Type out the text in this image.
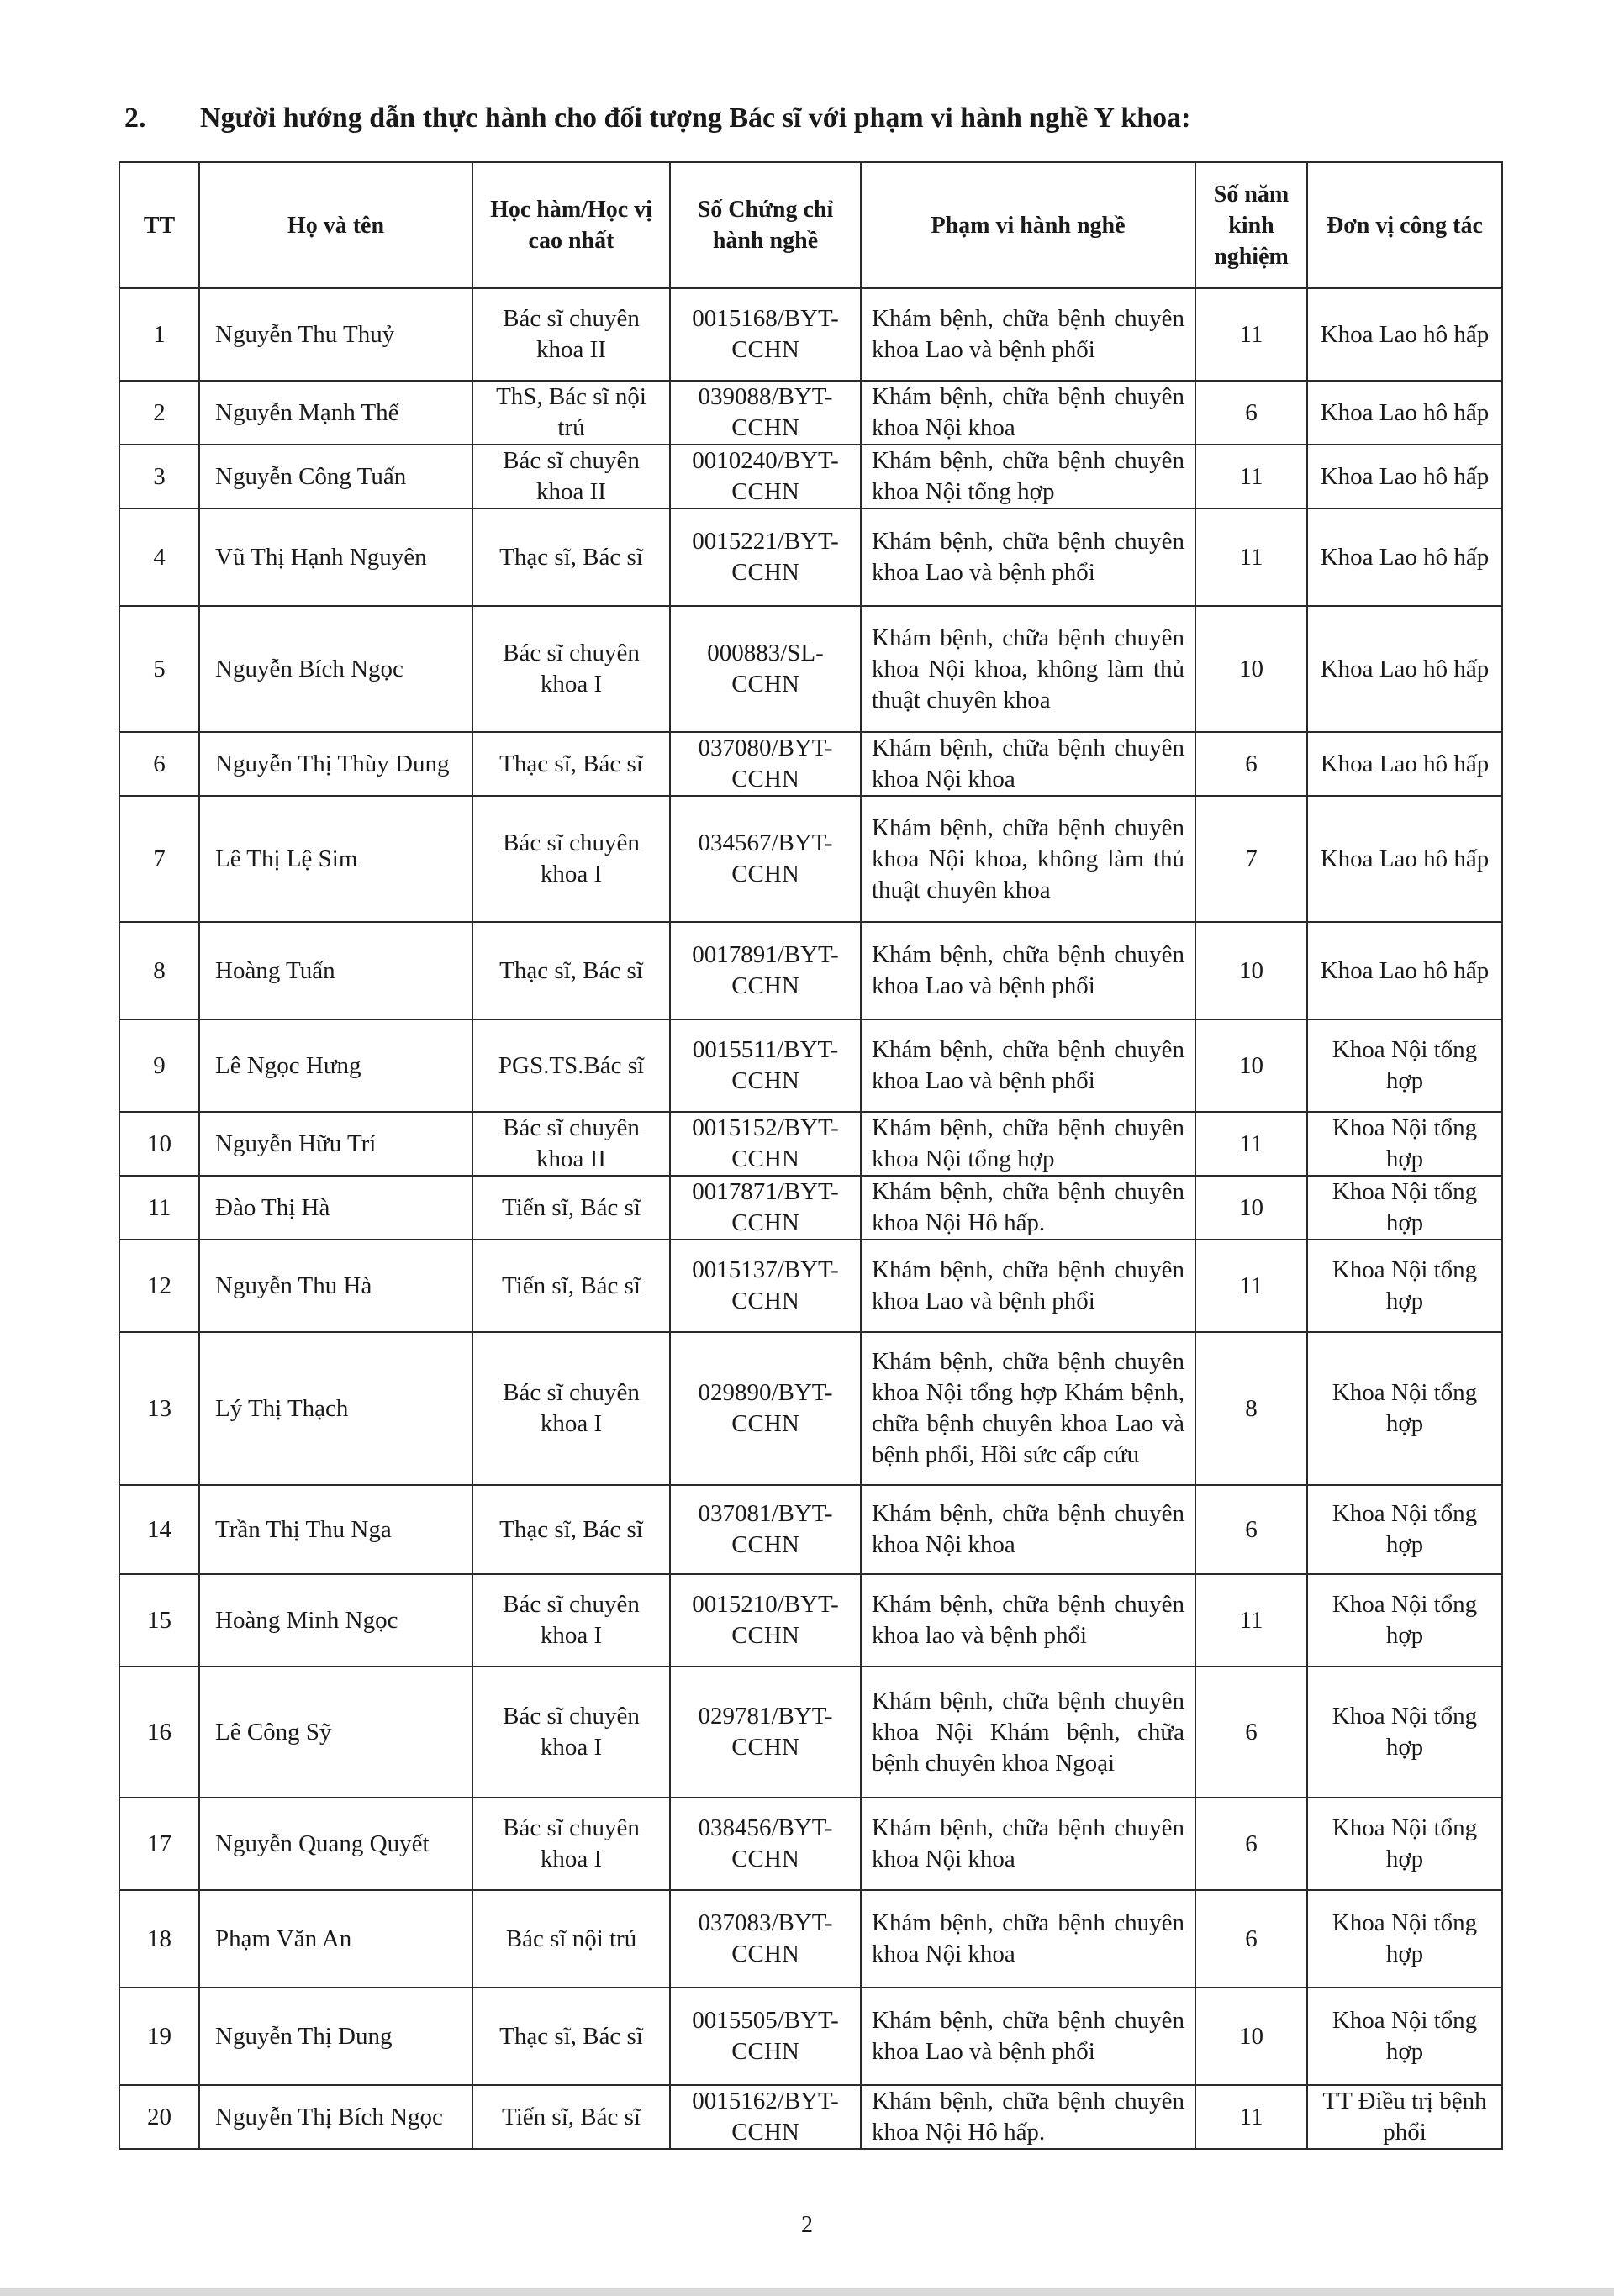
2. Người hướng dẫn thực hành cho đối tượng Bác sĩ với phạm vi hành nghề Y khoa:
TT	Họ và tên	Học hàm/Học vị cao nhất	Số Chứng chỉ hành nghề	Phạm vi hành nghề	Số năm kinh nghiệm	Đơn vị công tác
1	Nguyễn Thu Thuỷ	Bác sĩ chuyên khoa II	0015168/BYT-CCHN	Khám bệnh, chữa bệnh chuyên khoa Lao và bệnh phổi	11	Khoa Lao hô hấp
2	Nguyễn Mạnh Thế	ThS, Bác sĩ nội trú	039088/BYT-CCHN	Khám bệnh, chữa bệnh chuyên khoa Nội khoa	6	Khoa Lao hô hấp
3	Nguyễn Công Tuấn	Bác sĩ chuyên khoa II	0010240/BYT-CCHN	Khám bệnh, chữa bệnh chuyên khoa Nội tổng hợp	11	Khoa Lao hô hấp
4	Vũ Thị Hạnh Nguyên	Thạc sĩ, Bác sĩ	0015221/BYT-CCHN	Khám bệnh, chữa bệnh chuyên khoa Lao và bệnh phổi	11	Khoa Lao hô hấp
5	Nguyễn Bích Ngọc	Bác sĩ chuyên khoa I	000883/SL-CCHN	Khám bệnh, chữa bệnh chuyên khoa Nội khoa, không làm thủ thuật chuyên khoa	10	Khoa Lao hô hấp
6	Nguyễn Thị Thùy Dung	Thạc sĩ, Bác sĩ	037080/BYT-CCHN	Khám bệnh, chữa bệnh chuyên khoa Nội khoa	6	Khoa Lao hô hấp
7	Lê Thị Lệ Sim	Bác sĩ chuyên khoa I	034567/BYT-CCHN	Khám bệnh, chữa bệnh chuyên khoa Nội khoa, không làm thủ thuật chuyên khoa	7	Khoa Lao hô hấp
8	Hoàng Tuấn	Thạc sĩ, Bác sĩ	0017891/BYT-CCHN	Khám bệnh, chữa bệnh chuyên khoa Lao và bệnh phổi	10	Khoa Lao hô hấp
9	Lê Ngọc Hưng	PGS.TS.Bác sĩ	0015511/BYT-CCHN	Khám bệnh, chữa bệnh chuyên khoa Lao và bệnh phổi	10	Khoa Nội tổng hợp
10	Nguyễn Hữu Trí	Bác sĩ chuyên khoa II	0015152/BYT-CCHN	Khám bệnh, chữa bệnh chuyên khoa Nội tổng hợp	11	Khoa Nội tổng hợp
11	Đào Thị Hà	Tiến sĩ, Bác sĩ	0017871/BYT-CCHN	Khám bệnh, chữa bệnh chuyên khoa Nội Hô hấp.	10	Khoa Nội tổng hợp
12	Nguyễn Thu Hà	Tiến sĩ, Bác sĩ	0015137/BYT-CCHN	Khám bệnh, chữa bệnh chuyên khoa Lao và bệnh phổi	11	Khoa Nội tổng hợp
13	Lý Thị Thạch	Bác sĩ chuyên khoa I	029890/BYT-CCHN	Khám bệnh, chữa bệnh chuyên khoa Nội tổng hợp Khám bệnh, chữa bệnh chuyên khoa Lao và bệnh phổi, Hồi sức cấp cứu	8	Khoa Nội tổng hợp
14	Trần Thị Thu Nga	Thạc sĩ, Bác sĩ	037081/BYT-CCHN	Khám bệnh, chữa bệnh chuyên khoa Nội khoa	6	Khoa Nội tổng hợp
15	Hoàng Minh Ngọc	Bác sĩ chuyên khoa I	0015210/BYT-CCHN	Khám bệnh, chữa bệnh chuyên khoa lao và bệnh phổi	11	Khoa Nội tổng hợp
16	Lê Công Sỹ	Bác sĩ chuyên khoa I	029781/BYT-CCHN	Khám bệnh, chữa bệnh chuyên khoa Nội Khám bệnh, chữa bệnh chuyên khoa Ngoại	6	Khoa Nội tổng hợp
17	Nguyễn Quang Quyết	Bác sĩ chuyên khoa I	038456/BYT-CCHN	Khám bệnh, chữa bệnh chuyên khoa Nội khoa	6	Khoa Nội tổng hợp
18	Phạm Văn An	Bác sĩ nội trú	037083/BYT-CCHN	Khám bệnh, chữa bệnh chuyên khoa Nội khoa	6	Khoa Nội tổng hợp
19	Nguyễn Thị Dung	Thạc sĩ, Bác sĩ	0015505/BYT-CCHN	Khám bệnh, chữa bệnh chuyên khoa Lao và bệnh phổi	10	Khoa Nội tổng hợp
20	Nguyễn Thị Bích Ngọc	Tiến sĩ, Bác sĩ	0015162/BYT-CCHN	Khám bệnh, chữa bệnh chuyên khoa Nội Hô hấp.	11	TT Điều trị bệnh phổi
2
